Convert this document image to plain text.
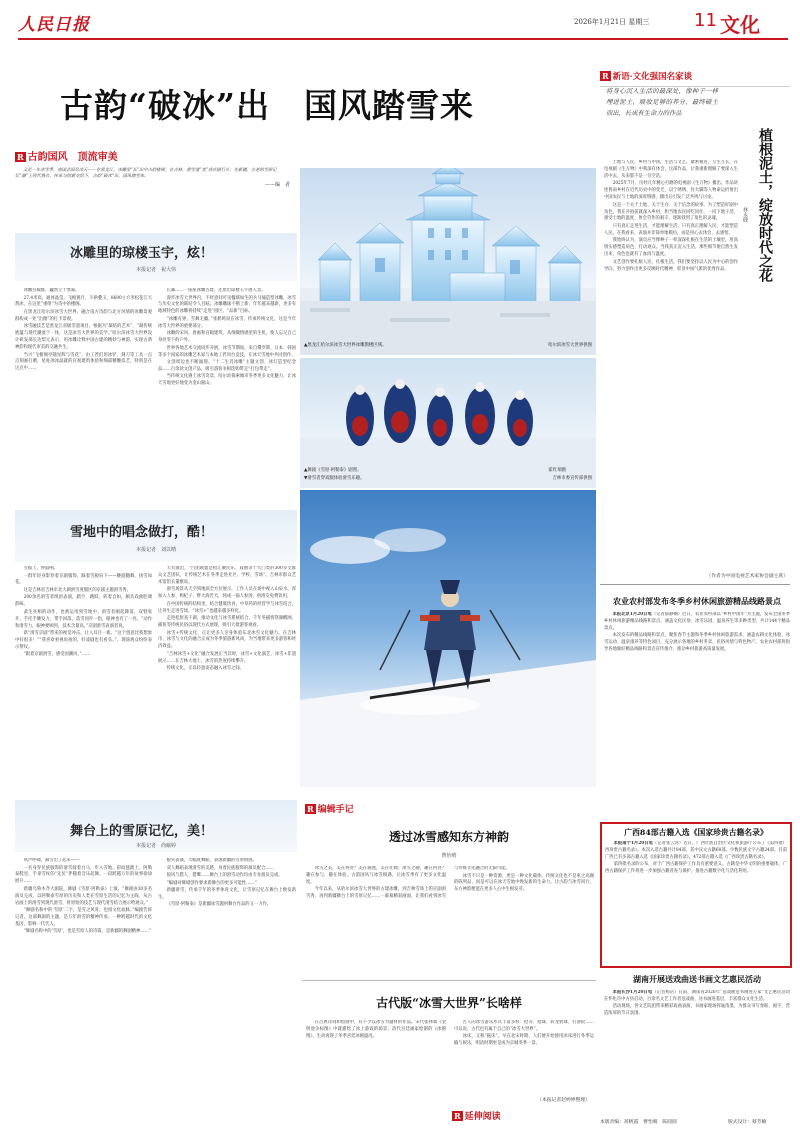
人民日报	2026年1月21日 星期三 11 文化
古韵“破冰”出　国风踏雪来
R 古韵国风　顶流审美

又是一年冰雪季，南国北国尽冰天——在黑龙江，冰雕里“长”出中古韵楼阁；在吉林，滑雪道“变”成京剧行头；在新疆，古老的雪原记忆“融”上现代舞台。传承与创新交织下，古韵“破冰”出，国风踏雪来。

——编　者

冰雕里的琼楼玉宇，炫！
本报记者　祝大伟

冰雕宫殿群，巍然立于寒幕。

27.4米高，通体晶莹。飞檐挑月，斗拱叠玉，8600立方米松花江天然冰，在这里“重组”为诗中的楼阁。

在黑龙江哈尔滨冰雪大世界，融合南方诗韵与北方风情的冰雕景观群构成一处“出圈”的打卡景观。

冰雪融技艺是黑龙江省级非遗项目。根据为“凝结的艺术”，“凝传统底蕴与现代潮流于一体，这是冰雪大世界的美学。”哈尔滨冰雪大世界设计研发部长达梨元表示，用冰雕诠释中国古建的精妙与神韵，实现古典神韵和现代审美的交融共生。

当兴“飞檐阁亭随星辉与雪花”，由工匠们用冰铲、刻刀等工具一点点刻画打磨，星柱冰冰晶就的宫观建筑体验和细部精雕技艺，特别是在这点中……

长廊……一座座冰雕古建，还原出琼楼玉宇感人景。

漫步冰雪大世界内，不经意间可见楹联如生的兵马俑造型冰雕，冰雪与历史文化的联结令人目眩。冰雕雕琢不断上新，年年越来越新，更多有地域特色的冰雕将持续“走进”园区，“品新”目标。

“冰雕有界，雪舞无疆。”张鹤鸣说在冰雪，传承传统文化，这是今年冰雪大世界的重要部分。

冰雕的宋风、唐画和宫殿建筑，从细微情感里的生机，使人忘记自己身处零下的户外。

世界各地艺术交流同步开展，冰雪节期间，来自俄罗斯、日本、韩国等多个国家的冰雕艺术家与本地工匠同台竞技，在冰天雪地中共同创作。

文创周边也不断涌现。“十二生肖冰雕”主题文创、冰灯造型纪念品……百余款文创产品，吸引游客争相选购带走“打包带走”。

当传统文化遇上冰雪奇景，哈尔滨探索城市冬季更多文化魅力，让冰天雪地更好地变为金山银山。

雪地中的唱念做打，酷！
本报记者　刘以晴

雪披上，锣鼓响。

一群年轻身影穿着京剧服饰，踩着雪板肩下——腰旋翻舞，扬雪如花。

这是吉林省吉林市北大湖滑雪度假区的京剧主题滑雪秀。

200余名滑雪者组团表演，踏空、跳跃、转着自如，颇具戏曲腔调韵味。

武生亮相的动作，也被运用到雪地中。滑雪者刚起降落，双臂张开，手托手腰发力，带手回落，落雪同步一指，眼神也有了一亮。“动作和滑雪力，眼神要顾到，技术含量高。”京剧滑雪表演者说。

新“滑雪京剧”带来的视觉冲击，让人耳目一新。“这个创意比我想象中好很多！”“我喜欢看视角拍的，好戏剧也有看头。”，现场观众纷纷表示赞叹。

“跟着京剧滑雪，感受国潮风，”……

天有演出，“百团联盟是指汇聚民乐、戏曲等十大门类的300多文群众文艺团队，让传统艺术在冬季走进社区、学校、雪场”。吉林市群众艺术馆馆长董猷说。

滑雪场景从天空到地面全方位展示，工作人员在场中视入山泉水，浑加入人参、枸杞子、胖大海若犬，炖成一锅人参汤，供滑友免费饮用。

在中国传统的结构里，结合健康饮食，中草药的经营学与冰雪结合，让养生走进雪场，“冰雪+”也越来越多样化。

走进松原查干湖，推动文化与冰雪系统结合，千年冬捕将祭湖醒网、捕鱼等传统民俗以现代方式展现，吸引大批游客观看。

冰雪+传统文化，正让更多人亲身体验东北冰雪文化魅力。在吉林市，冰雪与文化的融合正成为冬季旅游新风尚，为当地带来更多游客和经济效益。

“吉林冰雪+文化”融合发展正当其时，冰雪+文化演艺、冰雪+非遗展示……在吉林大地上，冰雪的热度持续攀升。

传统文化，正以轻盈姿态融入冰雪之间。

舞台上的雪原记忆，美！
本报记者　尚喻婷

风声呼啸，踩雪出了起来——

一名身穿民族服饰的滑雪骑着白马，步入雪地。彩纹毯踏上，阿勒泰鞋里，手拿雪杖的“先民”伴随着音乐起舞。一段跨越万年的故事徐徐展开……

新疆乌鲁木齐大剧院，舞剧《雪原·阿勒泰》上演，“舞剧由30多名演员完成，以阿勒泰雪原的历史和人类在雪原生活的记忆为主线，从古岩画上的滑雪到现代滑雪，将原始的技艺与现代滑雪结合展示给观众。”

“舞剧名称中的‘雪原’二字，是雪之风骨，也指文化血脉。”编剧告诉记者，这部舞剧的主题，是万年滑雪的精神传承，一种跨越时代的文化基因，影响一代代人。

“舞剧名称中的‘雪原’，也是雪原人的诗篇，是新疆的舞剧精神……”

板夹表演，大幅度舞蹈，表现新疆的雪原情感。

双人舞蹈表现滑雪的美感，身着民族服饰的演员配合……

狼风与猎人、猎鹰……舞台上的滑雪动作均由专业演员完成。

“编剧对舞剧创作要求新舞台的更多可能性……”

新疆滑雪，传承千年的冬季体育文化，让雪原记忆在舞台上焕发新生。

《雪原·阿勒泰》是新疆冰雪题材舞台作品的又一力作。

▲黑龙江哈尔滨冰雪大世界冰雕鹊楼区域。	哈尔滨冰雪大世界供图
▲舞剧《雪原·阿勒泰》剧照。	霍红瑞摄
▼滑雪者穿戏服体验滑雪乐趣。	吉林市委宣传部供图
R 新语·文化强国名家谈
将身心沉入生活的最深处，像种子一样埋进泥土，吸收足够的养分，最终破土而出，长成有生命力的作品
植根泥土，绽放时代之花
林永健

土地与人民，乡村与中国，生活与文艺，紧密相连，互生互长。在电视剧《生万物》中我深有体会，这部作品，让我重新理解了要深入生活中去，从来都不是一句空话。

2025年7月，历经几年精心打磨的电视剧《生万物》播出。作品讲述鲁南乡村在近代历史中的变迁，以宁绣绣、封大脚等人物命运折射出中国农民与土地的深厚情感，播出后引发广泛共鸣与讨论。

这是一个关于土地、关于生存、关于信念的故事。为了塑造好剧中角色，我在开拍前就深入乡村，和当地农民同吃同住，一同下地干活，感受土地的温度、体会劳作的艰辛，逐渐找到了角色的灵魂。

只有真正走进生活，才能理解生活；只有真正理解人民，才能塑造人民。在我看来，表演并非简单地模仿，而是用心去体会、去感悟。

我始终认为，演员应当像种子一样深深扎根在生活的土壤里，用真情实感塑造角色、打动观众。当我真正沉入生活，那些细节便自然生发出来，角色也就有了血肉与温度。

文艺创作要扎根人民、扎根生活。我们要坚持以人民为中心的创作导向，努力创作出更多反映时代精神、彰显中国气派的优秀作品。

（作者为中国电视艺术家协会副主席）
农业农村部发布冬季乡村休闲旅游精品线路景点

本报北京1月20日电（记者郁静娴）近日，农业农村部以“乡村中国年”为主题，发布全国冬季乡村休闲旅游精品线路和景点，涵盖文化民俗、冰雪乐园、温泉养生等多种类型，共计144个精品景点。

本次发布的精品线路和景点，聚焦春节主题和冬季乡村休闲旅游需求，涵盖农耕文化体验、冰雪运动、温泉康养等特色项目，充分展示各地的乡村冬景、民俗风情与特色物产。农业农村部将指导各地做好精品线路和景点宣传推介，推动乡村旅游高质量发展。

广西84部古籍入选《国家珍贵古籍名录》

本报南宁1月20日电（记者张云河）近日，广西壮族自治区文化和旅游厅公布了《第四批广西珍贵古籍名录》。本次入选古籍共计84部，其中汉文古籍60部，少数民族文字古籍24部。目前广西已有多部古籍入选《国家珍贵古籍名录》，472部古籍入选《广西珍贵古籍名录》。

第四批名录的公布，对于广西古籍保护工作具有重要意义。古籍是中华文明的重要载体，广西古籍保护工作将进一步加强古籍普查与保护，推进古籍数字化与活化利用。

湖南开展送戏曲送书画文艺惠民活动

本报长沙1月20日电（记者杨洁）日前，湖南省2026年“送戏曲送书画进万家”文艺惠民活动在怀化市中方县启动，百余名文艺工作者送戏曲、送书画进基层，丰富群众文化生活。

活动现场，各文艺院团带来精彩戏曲表演，书画家现场挥毫泼墨，为群众书写春联、福字，营造浓厚的节日氛围。

R 编辑手记
透过冰雪感知东方神韵
曹怡晴

冰雪之美，美在何处？美在剔透，美在壮阔；冰雪之趣，趣在何处？趣在参与，趣在体验。古韵国风与冰雪相遇，让冰雪季有了更多文化温度。

今年以来，从哈尔滨冰雪大世界的古建冰雕，到吉林雪场上的京剧滑雪秀，再到新疆舞台上的雪原记忆……一幕幕精彩画面，让我们看到冰雪与传统文化融合的无限可能。

冰雪不只是一种资源，更是一种文化载体。传统文化也不是束之高阁的陈列品，而是可以在冰天雪地中焕发新的生命力。让古韵与冰雪同行，东方神韵便能在更多人心中生根发芽。

古代版“冰雪大世界”长啥样

在古典诗词和绘画中，有不少以冰雪为题材的作品。宋代张择端《金明池争标图》中就描绘了冰上游戏的场景；清代宫廷画家绘制的《冰嬉图》，生动再现了冬季宫廷冰嬉盛况。

古人的冰雪游乐形式丰富多样：抢等、抢球、转龙射球、打滑挞……可以说，古代也有属于自己的“冰雪大世界”。

冰床，又称“拖床”。早在北宋时期，人们便开始使用冰床进行冬季运输与娱乐，明清时期更是成为京城冬季一景。

（本报记者赵婷婷整理）
R 延伸阅读
本版责编：蒋帆霞　曹怡晴　陈圆圆	版式设计：蔡芳楠
